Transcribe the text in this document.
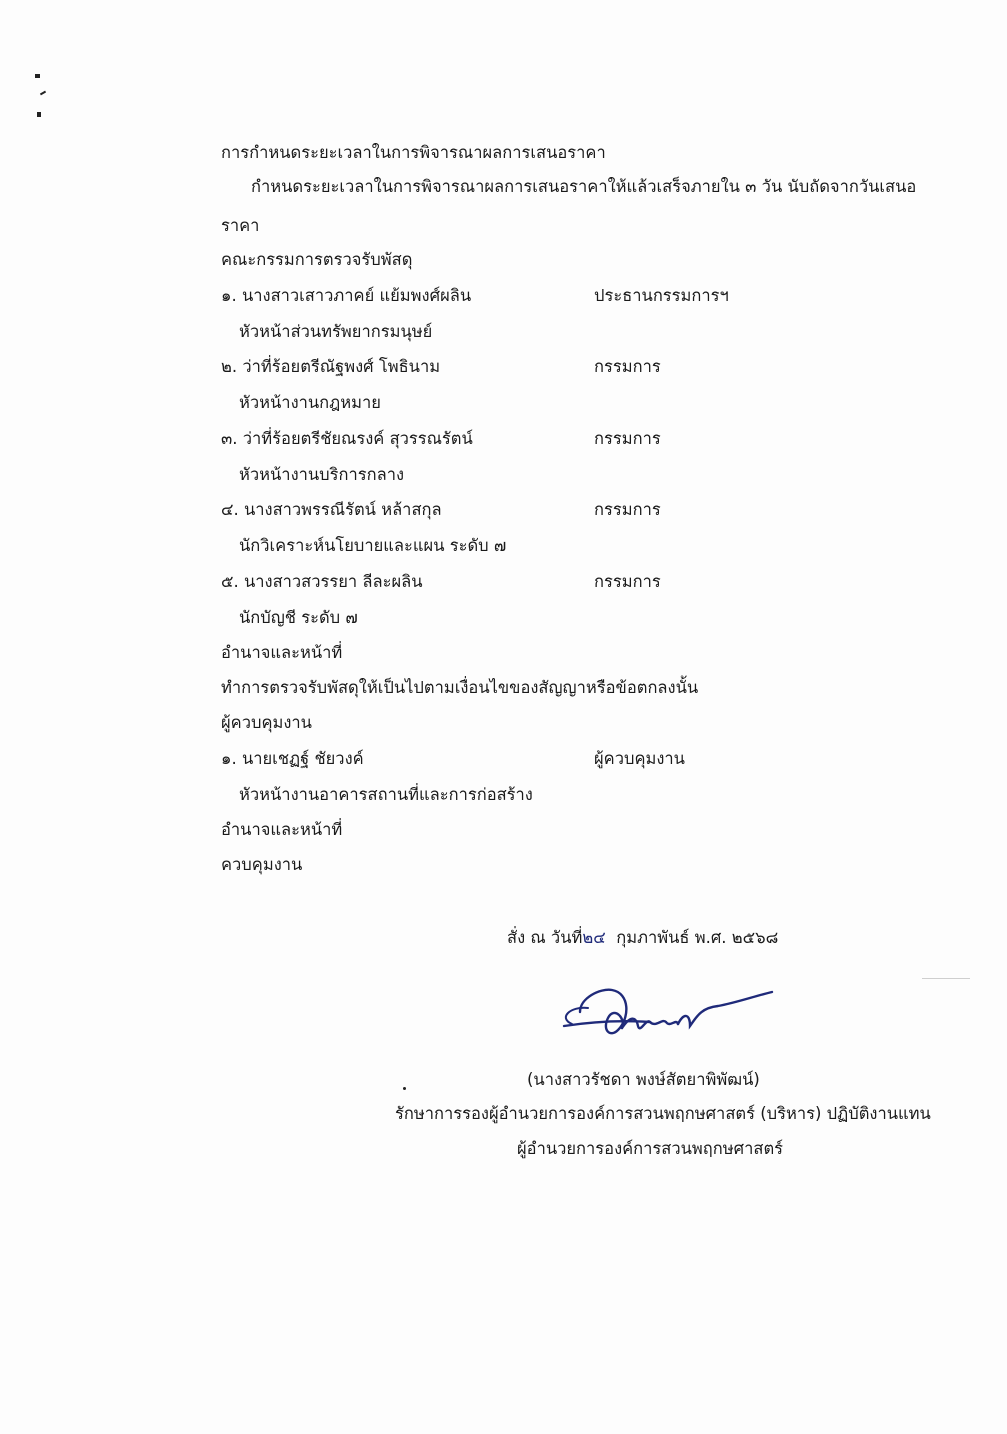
การกำหนดระยะเวลาในการพิจารณาผลการเสนอราคา
กำหนดระยะเวลาในการพิจารณาผลการเสนอราคาให้แล้วเสร็จภายใน ๓ วัน นับถัดจากวันเสนอ
ราคา
คณะกรรมการตรวจรับพัสดุ
๑. นางสาวเสาวภาคย์ แย้มพงศ์ผลิน	ประธานกรรมการฯ
หัวหน้าส่วนทรัพยากรมนุษย์
๒. ว่าที่ร้อยตรีณัฐพงศ์ โพธินาม	กรรมการ
หัวหน้างานกฎหมาย
๓. ว่าที่ร้อยตรีชัยณรงค์ สุวรรณรัตน์	กรรมการ
หัวหน้างานบริการกลาง
๔. นางสาวพรรณีรัตน์ หล้าสกุล	กรรมการ
นักวิเคราะห์นโยบายและแผน ระดับ ๗
๕. นางสาวสวรรยา ลีละผลิน	กรรมการ
นักบัญชี ระดับ ๗
อำนาจและหน้าที่
ทำการตรวจรับพัสดุให้เป็นไปตามเงื่อนไขของสัญญาหรือข้อตกลงนั้น
ผู้ควบคุมงาน
๑. นายเชฏฐ์ ชัยวงค์	ผู้ควบคุมงาน
หัวหน้างานอาคารสถานที่และการก่อสร้าง
อำนาจและหน้าที่
ควบคุมงาน
สั่ง ณ วันที่๒๔ กุมภาพันธ์ พ.ศ. ๒๕๖๘
(นางสาวรัชดา พงษ์สัตยาพิพัฒน์)
รักษาการรองผู้อำนวยการองค์การสวนพฤกษศาสตร์ (บริหาร) ปฏิบัติงานแทน
ผู้อำนวยการองค์การสวนพฤกษศาสตร์
